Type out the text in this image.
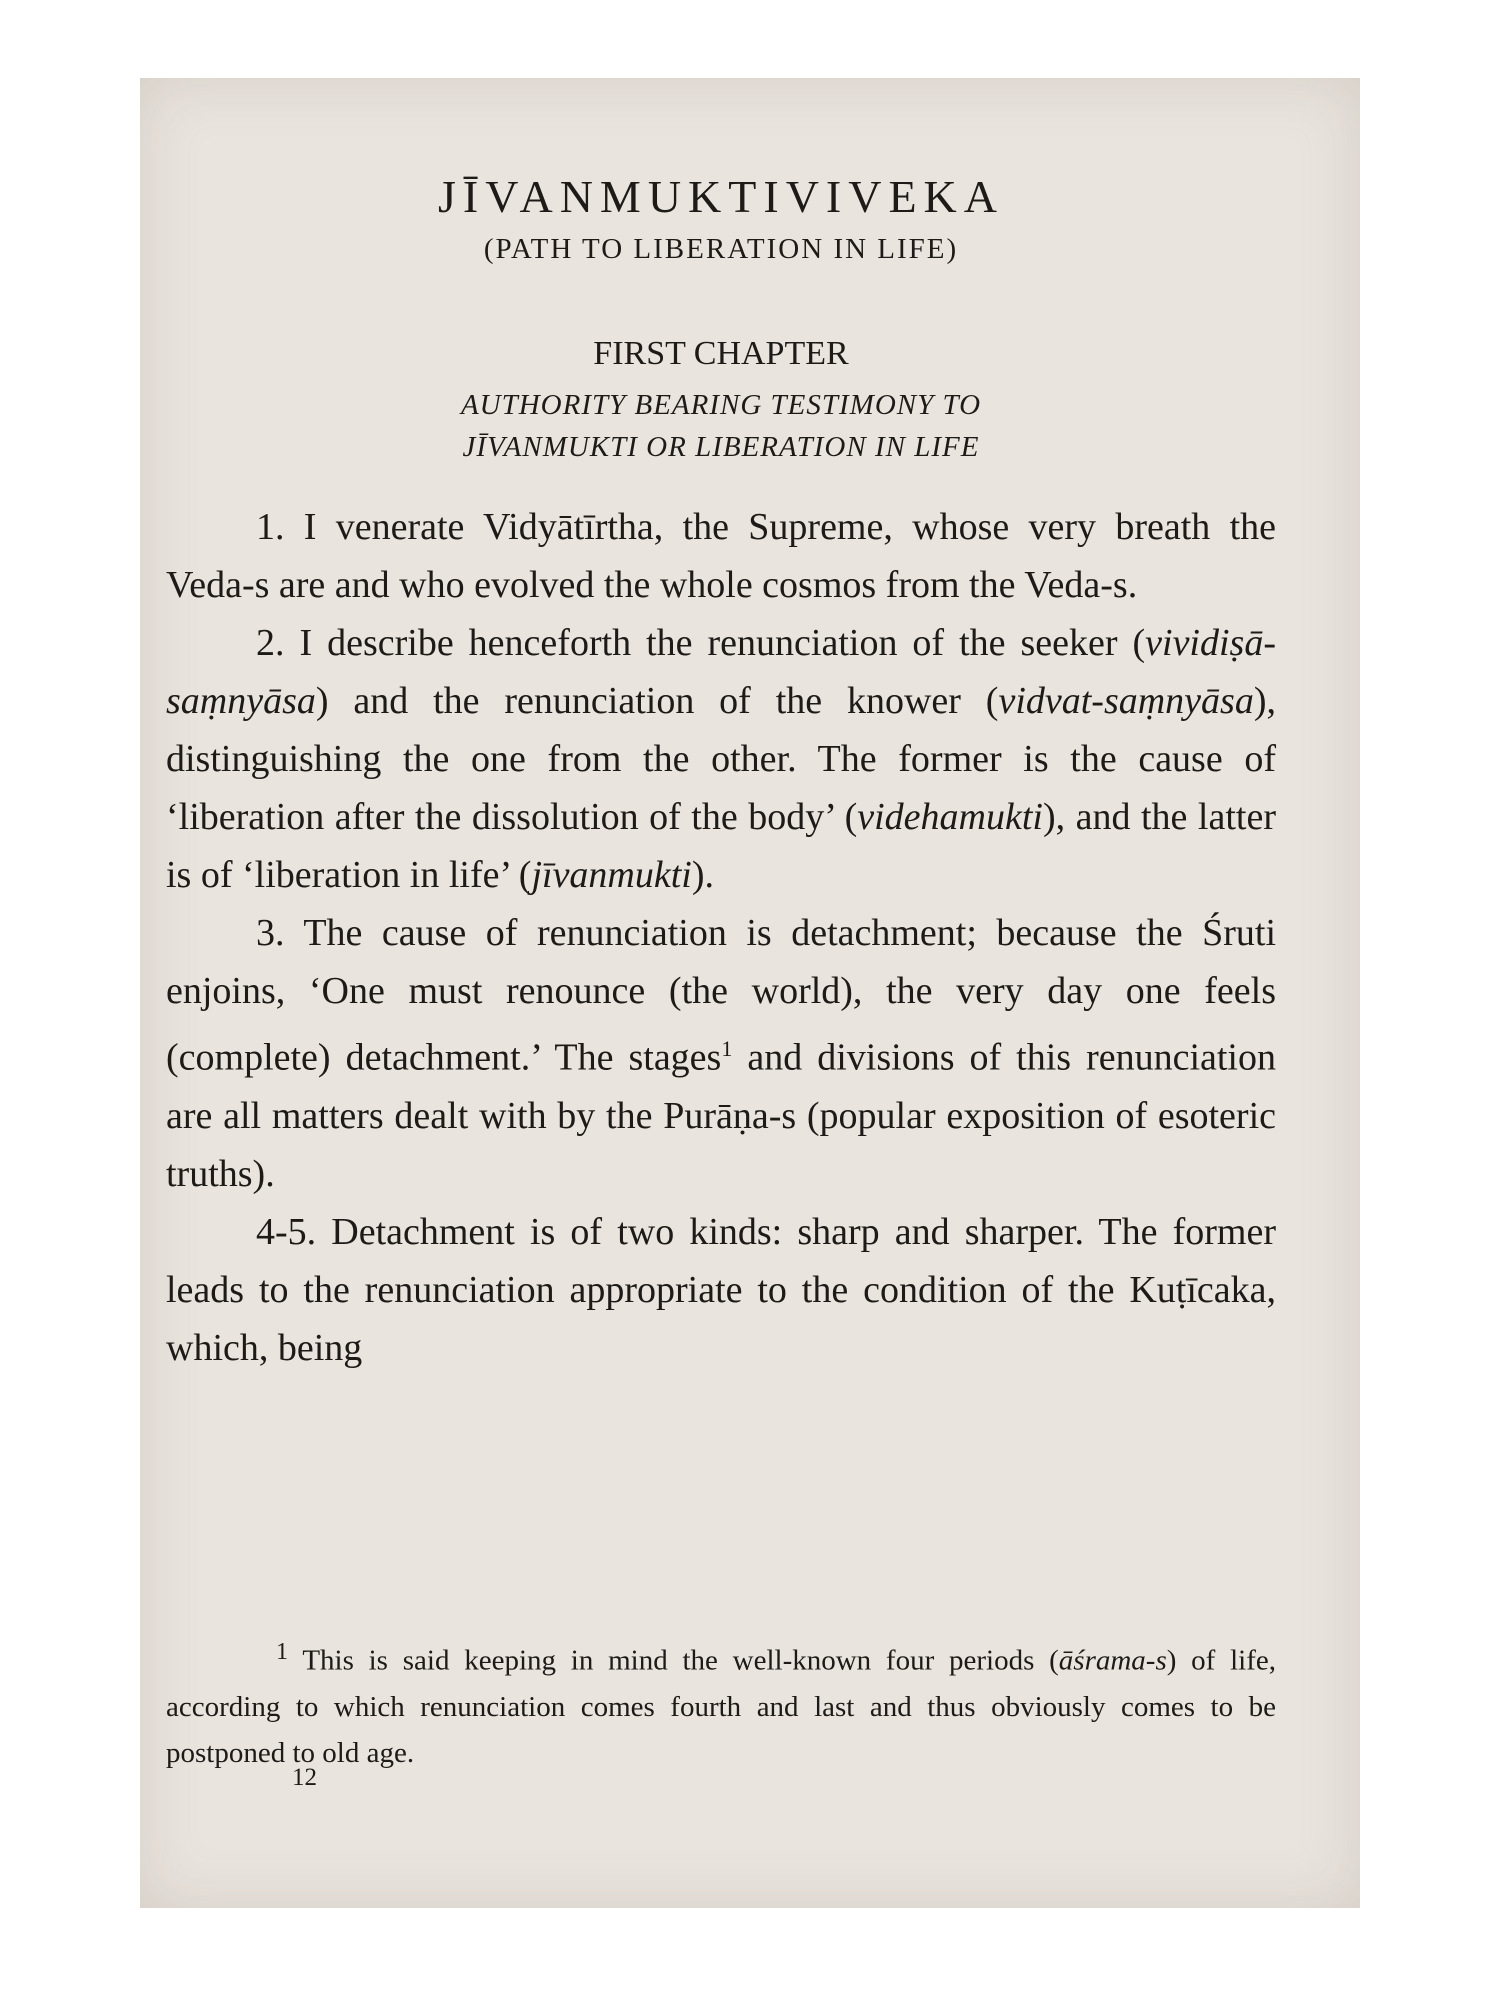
JĪVANMUKTIVIVEKA
(PATH TO LIBERATION IN LIFE)
FIRST CHAPTER
AUTHORITY BEARING TESTIMONY TO
JĪVANMUKTI OR LIBERATION IN LIFE

1. I venerate Vidyātīrtha, the Supreme, whose very breath the Veda-s are and who evolved the whole cosmos from the Veda-s.

2. I describe henceforth the renunciation of the seeker (vividiṣā-saṃnyāsa) and the renunciation of the knower (vidvat-saṃnyāsa), distinguishing the one from the other. The former is the cause of ‘liberation after the dissolution of the body’ (videhamukti), and the latter is of ‘liberation in life’ (jīvanmukti).

3. The cause of renunciation is detachment; because the Śruti enjoins, ‘One must renounce (the world), the very day one feels (complete) detachment.’ The stages$^1$ and divisions of this renunciation are all matters dealt with by the Purāṇa-s (popular exposition of esoteric truths).

4-5. Detachment is of two kinds: sharp and sharper. The former leads to the renunciation appropriate to the condition of the Kuṭīcaka, which, being

$^1$ This is said keeping in mind the well-known four periods (āśrama-s) of life, according to which renunciation comes fourth and last and thus obviously comes to be postponed to old age.

12
